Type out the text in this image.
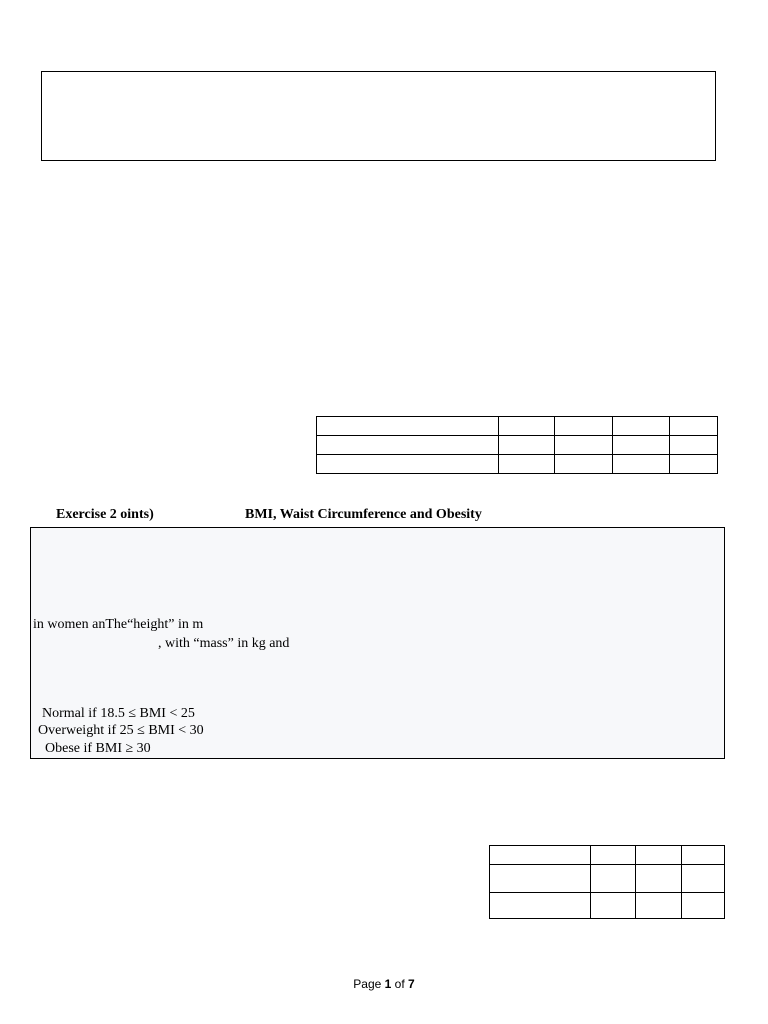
Exercise 2 oints)	BMI, Waist Circumference and Obesity
in women anThe“height” in m
, with “mass” in kg and
Normal if 18.5 ≤ BMI < 25
Overweight if 25 ≤ BMI < 30
Obese if BMI ≥ 30

Page 1 of 7
